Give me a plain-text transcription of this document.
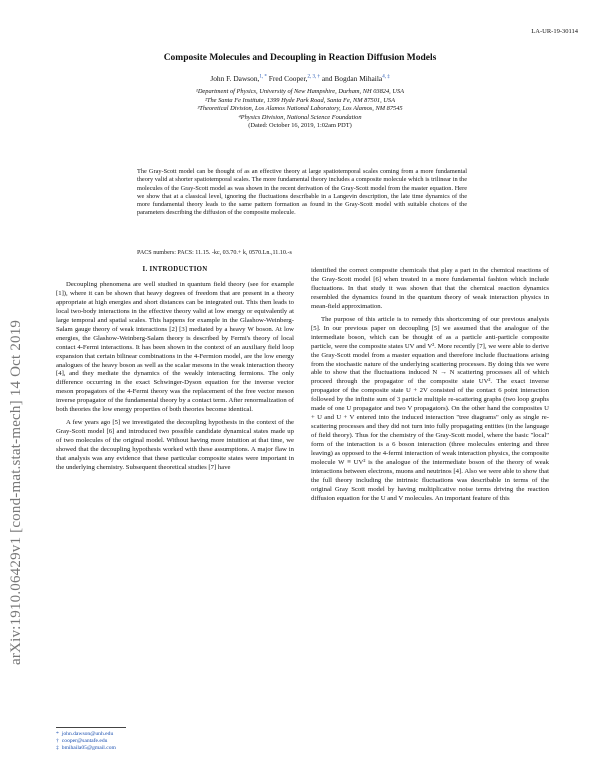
LA-UR-19-30114
arXiv:1910.06429v1 [cond-mat.stat-mech] 14 Oct 2019
Composite Molecules and Decoupling in Reaction Diffusion Models
John F. Dawson,$^{1, *}$ Fred Cooper,$^{2, 3, \dagger}$ and Bogdan Mihaila$^{4, \ddagger}$
¹Department of Physics, University of New Hampshire, Durham, NH 03824, USA
²The Santa Fe Institute, 1399 Hyde Park Road, Santa Fe, NM 87501, USA
³Theoretical Division, Los Alamos National Laboratory, Los Alamos, NM 87545
⁴Physics Division, National Science Foundation
(Dated: October 16, 2019, 1:02am PDT)
The Gray-Scott model can be thought of as an effective theory at large spatiotemporal scales coming from a more fundamental theory valid at shorter spatiotemporal scales. The more fundamental theory includes a composite molecule which is trilinear in the molecules of the Gray-Scott model as was shown in the recent derivation of the Gray-Scott model from the master equation. Here we show that at a classical level, ignoring the fluctuations describable in a Langevin description, the late time dynamics of the more fundamental theory leads to the same pattern formation as found in the Gray-Scott model with suitable choices of the parameters describing the diffusion of the composite molecule.
PACS numbers: PACS: 11.15. -kc, 03.70.+ k, 0570.Ln.,11.10.-s
I. INTRODUCTION

Decoupling phenomena are well studied in quantum field theory (see for example [1]), where it can be shown that heavy degrees of freedom that are present in a theory appropriate at high energies and short distances can be integrated out. This then leads to local two-body interactions in the effective theory valid at low energy or equivalently at large temporal and spatial scales. This happens for example in the Glashow-Weinberg-Salam gauge theory of weak interactions [2] [3] mediated by a heavy W boson. At low energies, the Glashow-Weinberg-Salam theory is described by Fermi's theory of local contact 4-Fermi interactions. It has been shown in the context of an auxiliary field loop expansion that certain bilinear combinations in the 4-Fermion model, are the low energy analogues of the heavy boson as well as the scalar mesons in the weak interaction theory [4], and they mediate the dynamics of the weakly interacting fermions. The only difference occurring in the exact Schwinger-Dyson equation for the inverse vector meson propagators of the 4-Fermi theory was the replacement of the free vector meson inverse propagator of the fundamental theory by a contact term. After renormalization of both theories the low energy properties of both theories become identical.

A few years ago [5] we investigated the decoupling hypothesis in the context of the Gray-Scott model [6] and introduced two possible candidate dynamical states made up of two molecules of the original model. Without having more intuition at that time, we showed that the decoupling hypothesis worked with these assumptions. A major flaw in that analysis was any evidence that these particular composite states were important in the underlying chemistry. Subsequent theoretical studies [7] have

identified the correct composite chemicals that play a part in the chemical reactions of the Gray-Scott model [6] when treated in a more fundamental fashion which include fluctuations. In that study it was shown that that the chemical reaction dynamics resembled the dynamics found in the quantum theory of weak interaction physics in mean-field approximation.

The purpose of this article is to remedy this shortcoming of our previous analysis [5]. In our previous paper on decoupling [5] we assumed that the analogue of the intermediate boson, which can be thought of as a particle anti-particle composite particle, were the composite states UV and V². More recently [7], we were able to derive the Gray-Scott model from a master equation and therefore include fluctuations arising from the stochastic nature of the underlying scattering processes. By doing this we were able to show that the fluctuations induced N → N scattering processes all of which proceed through the propagator of the composite state UV². The exact inverse propagator of the composite state U + 2V consisted of the contact 6 point interaction followed by the infinite sum of 3 particle multiple re-scattering graphs (two loop graphs made of one U propagator and two V propagators). On the other hand the composites U + U and U + V entered into the induced interaction "tree diagrams" only as single re-scattering processes and they did not turn into fully propagating entities (in the language of field theory). Thus for the chemistry of the Gray-Scott model, where the basic "local" form of the interaction is a 6 boson interaction (three molecules entering and three leaving) as opposed to the 4-fermi interaction of weak interaction physics, the composite molecule W ≡ UV² is the analogue of the intermediate boson of the theory of weak interactions between electrons, muons and neutrinos [4]. Also we were able to show that the full theory including the intrinsic fluctuations was describable in terms of the original Gray Scott model by having multiplicative noise terms driving the reaction diffusion equation for the U and V molecules. An important feature of this

* john.dawson@unh.edu
† cooper@santafe.edu
‡ bmihaila05@gmail.com
